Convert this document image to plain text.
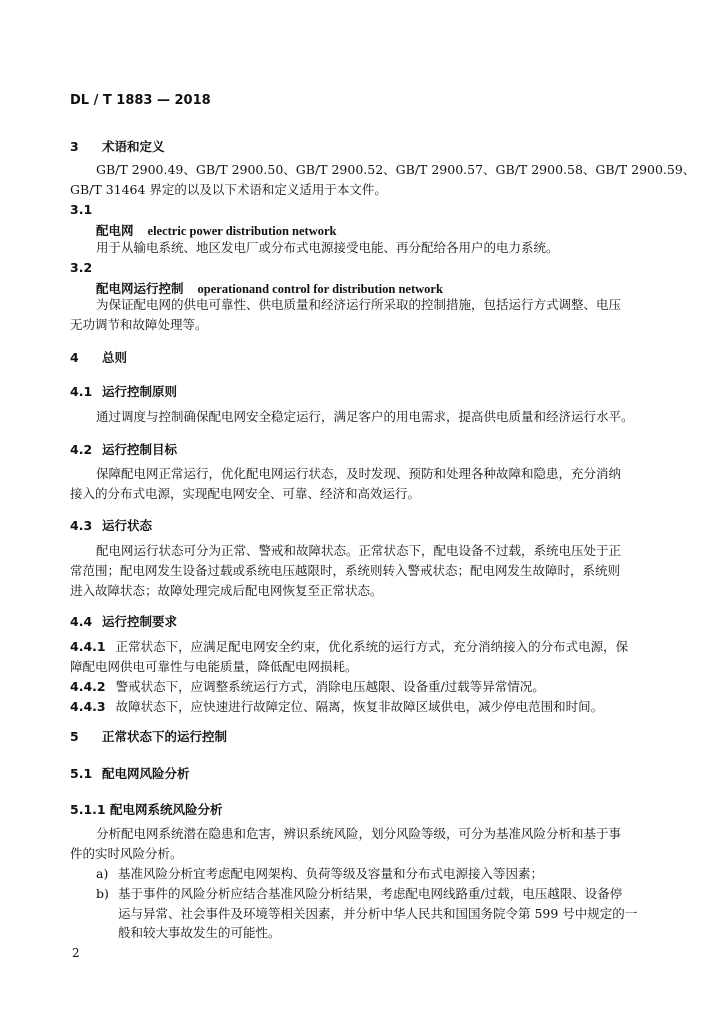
DL / T 1883 — 2018
3 术语和定义
GB/T 2900.49、GB/T 2900.50、GB/T 2900.52、GB/T 2900.57、GB/T 2900.58、GB/T 2900.59、
GB/T 31464 界定的以及以下术语和定义适用于本文件。
3.1
配电网 electric power distribution network
用于从输电系统、地区发电厂或分布式电源接受电能、再分配给各用户的电力系统。
3.2
配电网运行控制 operationand control for distribution network
为保证配电网的供电可靠性、供电质量和经济运行所采取的控制措施，包括运行方式调整、电压
无功调节和故障处理等。
4 总则
4.1 运行控制原则
通过调度与控制确保配电网安全稳定运行，满足客户的用电需求，提高供电质量和经济运行水平。
4.2 运行控制目标
保障配电网正常运行，优化配电网运行状态，及时发现、预防和处理各种故障和隐患，充分消纳
接入的分布式电源，实现配电网安全、可靠、经济和高效运行。
4.3 运行状态
配电网运行状态可分为正常、警戒和故障状态。正常状态下，配电设备不过载，系统电压处于正
常范围；配电网发生设备过载或系统电压越限时，系统则转入警戒状态；配电网发生故障时，系统则
进入故障状态；故障处理完成后配电网恢复至正常状态。
4.4 运行控制要求
4.4.1 正常状态下，应满足配电网安全约束，优化系统的运行方式，充分消纳接入的分布式电源，保
障配电网供电可靠性与电能质量，降低配电网损耗。
4.4.2 警戒状态下，应调整系统运行方式，消除电压越限、设备重/过载等异常情况。
4.4.3 故障状态下，应快速进行故障定位、隔离，恢复非故障区域供电，减少停电范围和时间。
5 正常状态下的运行控制
5.1 配电网风险分析
5.1.1 配电网系统风险分析
分析配电网系统潜在隐患和危害，辨识系统风险，划分风险等级，可分为基准风险分析和基于事
件的实时风险分析。
a) 基准风险分析宜考虑配电网架构、负荷等级及容量和分布式电源接入等因素；
b) 基于事件的风险分析应结合基准风险分析结果，考虑配电网线路重/过载，电压越限、设备停
运与异常、社会事件及环境等相关因素，并分析中华人民共和国国务院令第 599 号中规定的一
般和较大事故发生的可能性。
2
